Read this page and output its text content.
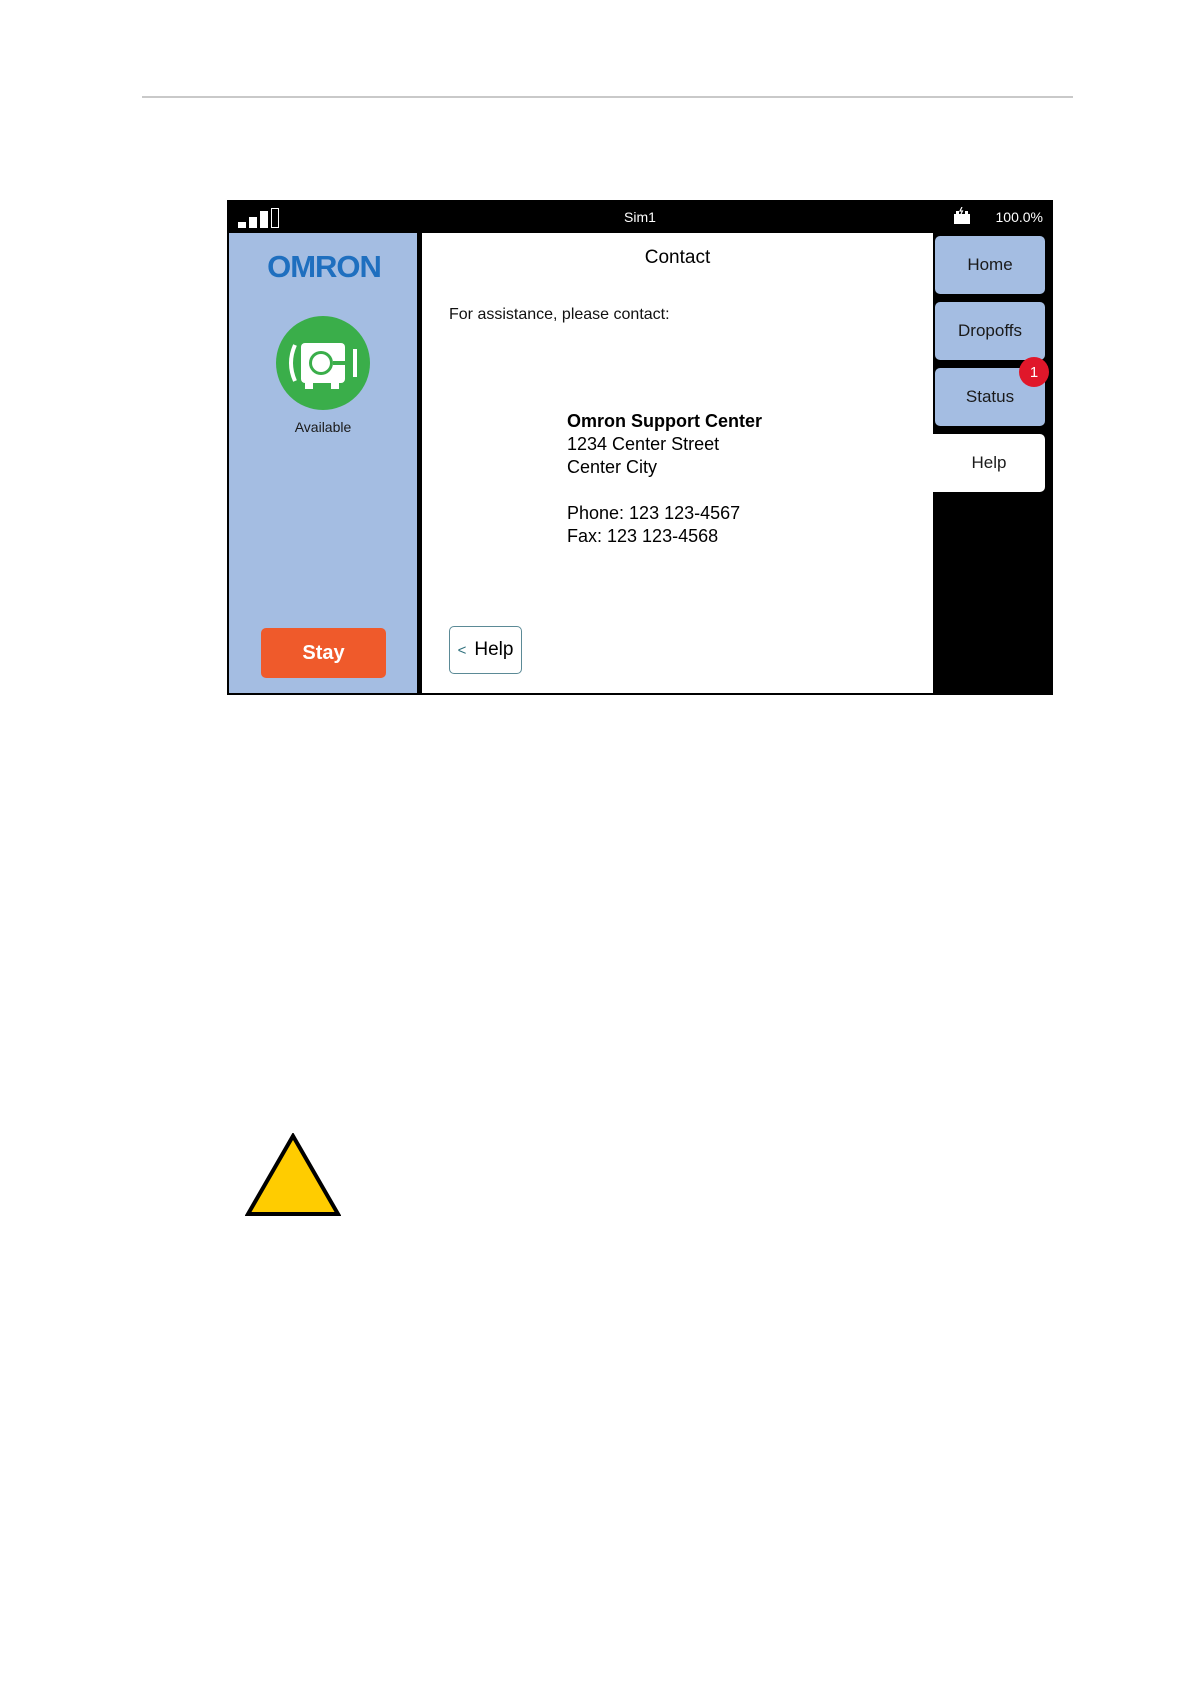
Sim1	100.0%
OMRON
Available
Stay
Contact
For assistance, please contact:
Omron Support Center
1234 Center Street
Center City
Phone: 123 123-4567
Fax: 123 123-4568
< Help
Home
Dropoffs
Status
1
Help
